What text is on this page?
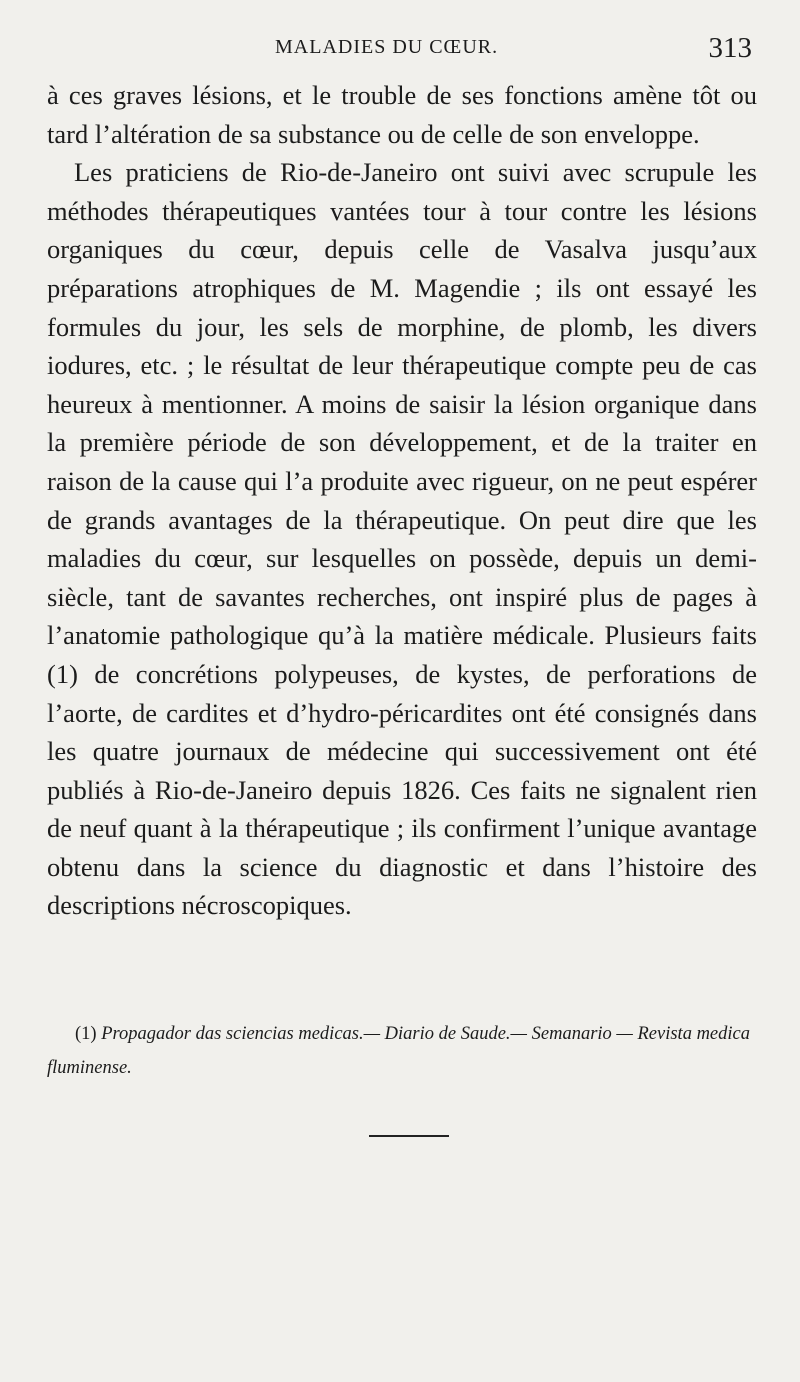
MALADIES DU CŒUR.	313

à ces graves lésions, et le trouble de ses fonctions amène tôt ou tard l’altération de sa substance ou de celle de son enveloppe.

Les praticiens de Rio-de-Janeiro ont suivi avec scrupule les méthodes thérapeutiques vantées tour à tour contre les lésions organiques du cœur, depuis celle de Vasalva jusqu’aux préparations atrophiques de M. Magendie ; ils ont essayé les formules du jour, les sels de morphine, de plomb, les divers iodures, etc. ; le résultat de leur thérapeutique compte peu de cas heureux à mentionner. A moins de saisir la lésion organique dans la première période de son développement, et de la traiter en raison de la cause qui l’a produite avec rigueur, on ne peut espérer de grands avantages de la thérapeutique. On peut dire que les maladies du cœur, sur lesquelles on possède, depuis un demi-siècle, tant de savantes recherches, ont inspiré plus de pages à l’anatomie pathologique qu’à la matière médicale. Plusieurs faits (1) de concrétions polypeuses, de kystes, de perforations de l’aorte, de cardites et d’hydro-péricardites ont été consignés dans les quatre journaux de médecine qui successivement ont été publiés à Rio-de-Janeiro depuis 1826. Ces faits ne signalent rien de neuf quant à la thérapeutique ; ils confirment l’unique avantage obtenu dans la science du diagnostic et dans l’histoire des descriptions nécroscopiques.

(1) Propagador das sciencias medicas.— Diario de Saude.— Semanario — Revista medica fluminense.
